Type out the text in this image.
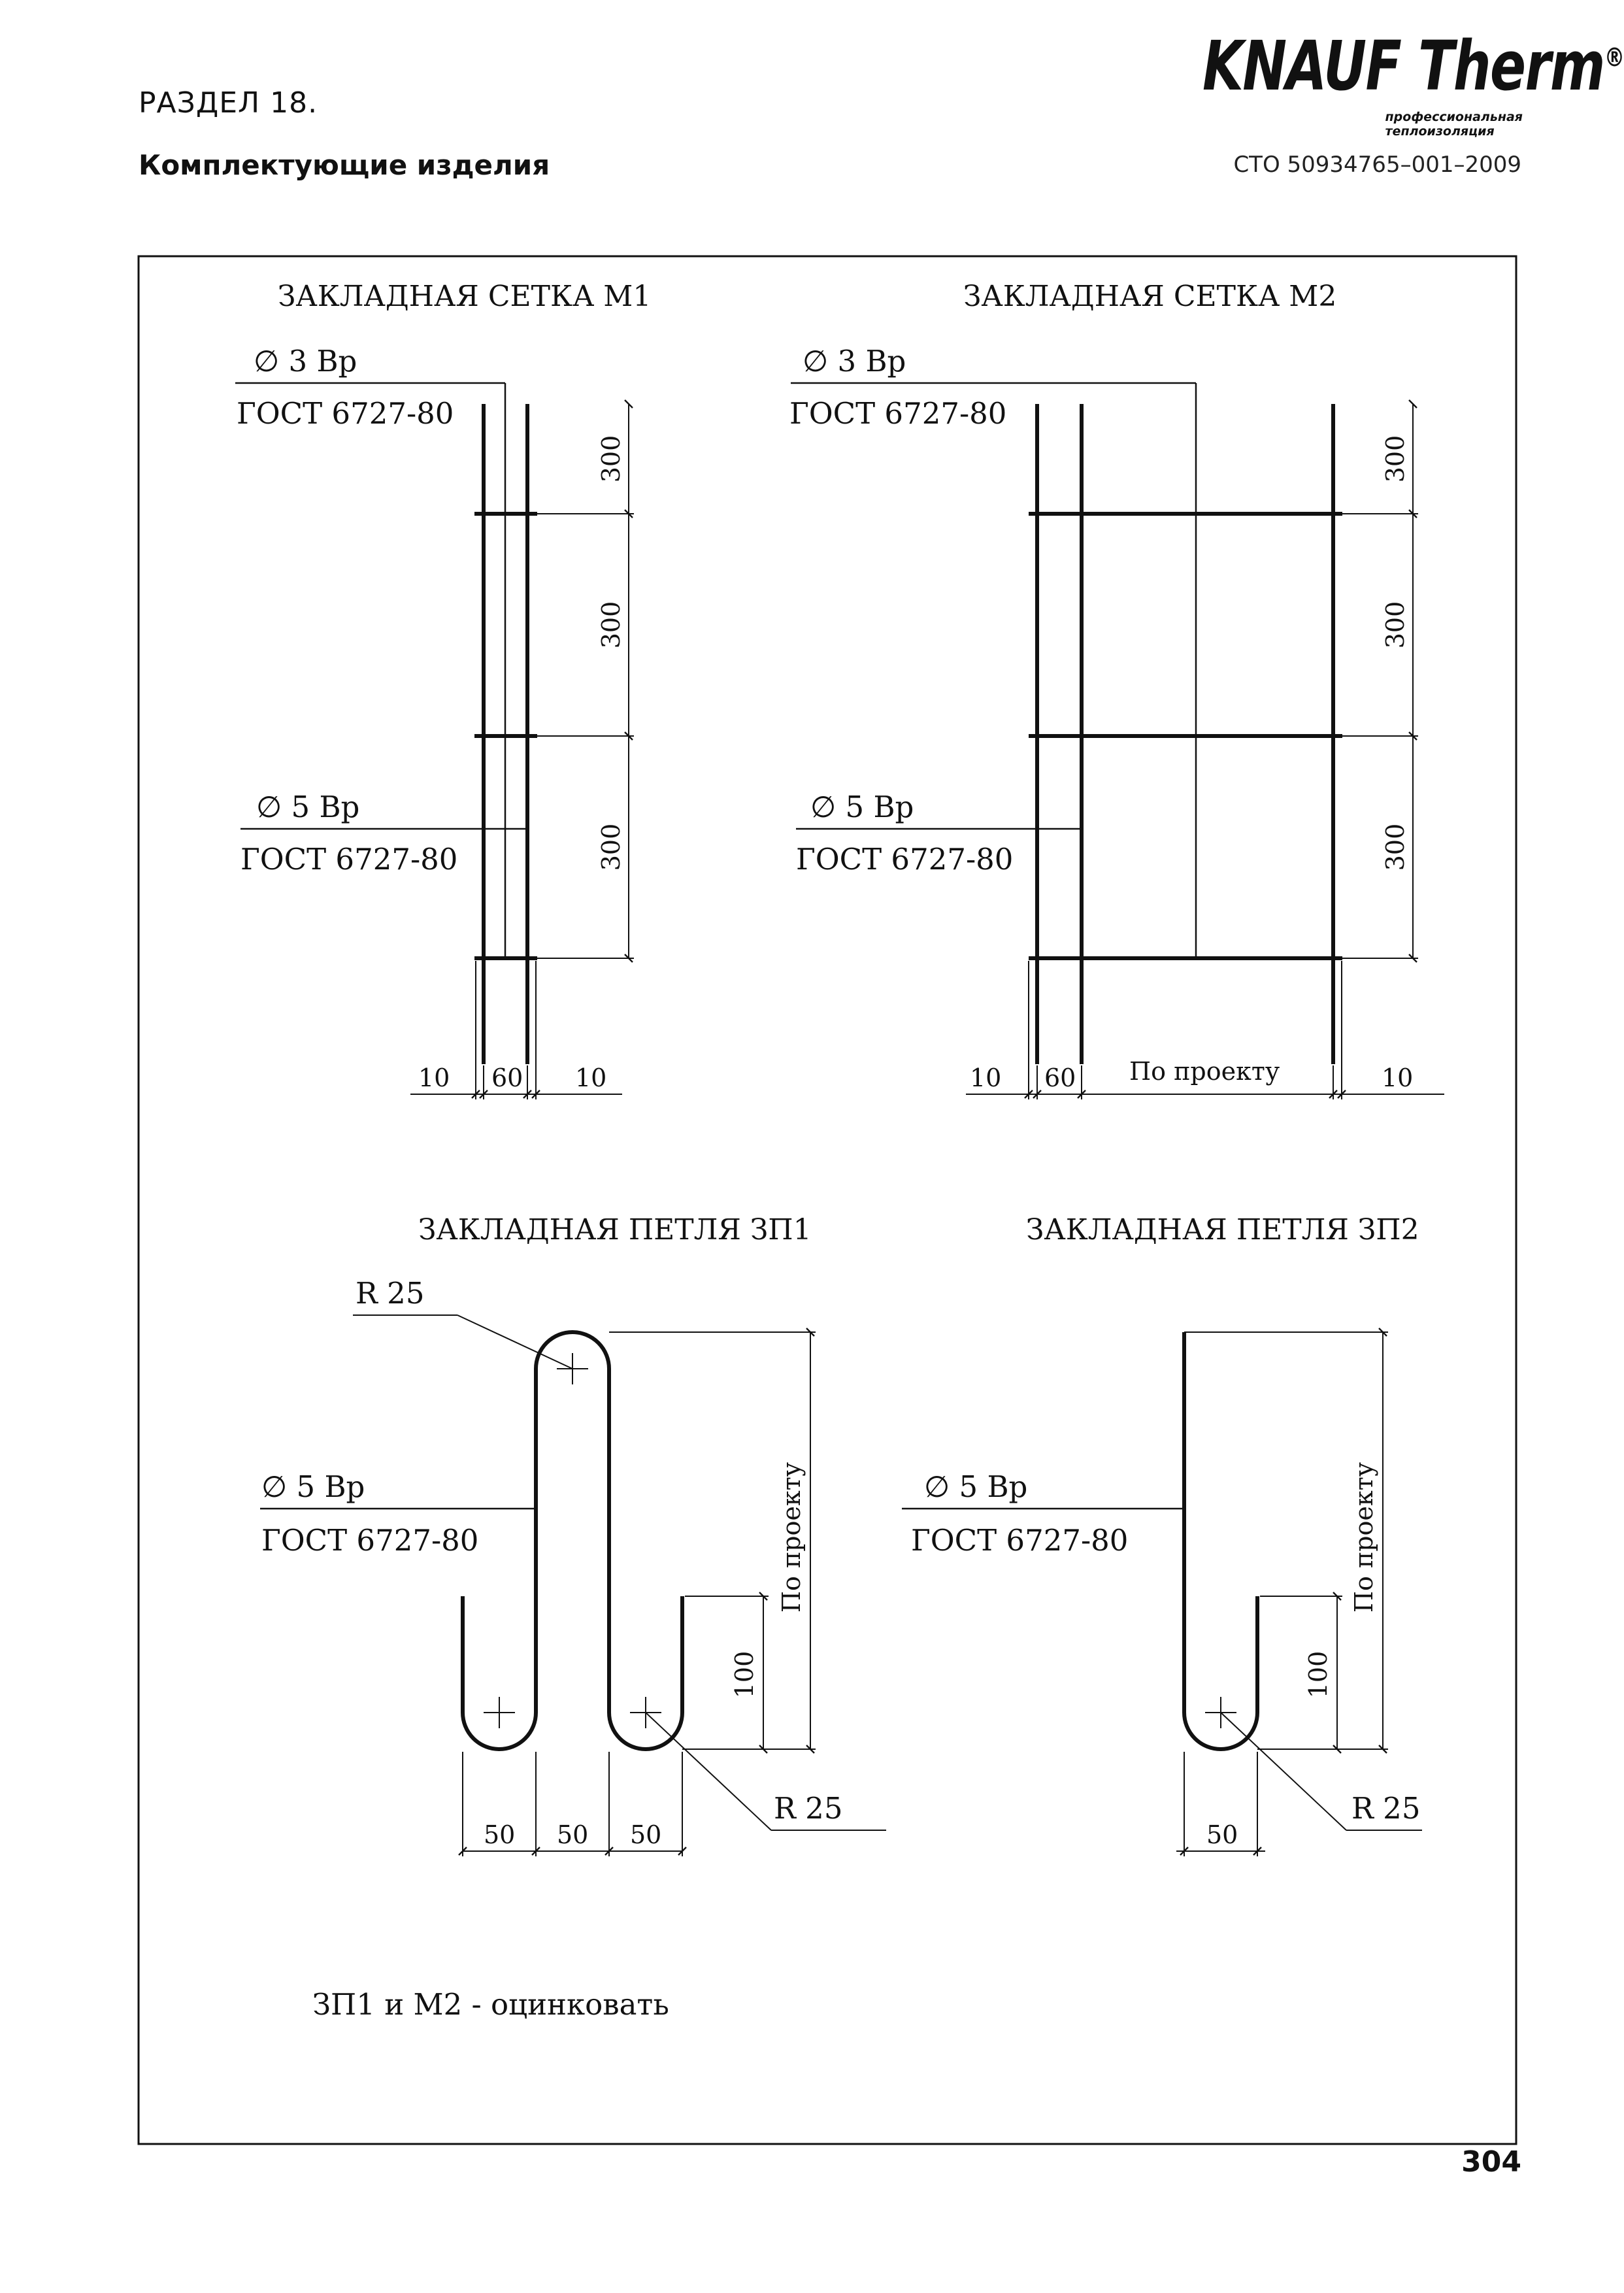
РАЗДЕЛ 18.
Комплектующие изделия
KNAUF Therm®
профессиональная
теплоизоляция
СТО 50934765–001–2009
ЗАКЛАДНАЯ СЕТКА М1
∅ 3 Вр
ГОСТ 6727-80
∅ 5 Вр
ГОСТ 6727-80
300
300
300
10 60 10
ЗАКЛАДНАЯ СЕТКА М2
∅ 3 Вр
ГОСТ 6727-80
∅ 5 Вр
ГОСТ 6727-80
300
300
300
10 60 По проекту	10
ЗАКЛАДНАЯ ПЕТЛЯ ЗП1
R 25
∅ 5 Вр
ГОСТ 6727-80	По проекту
100
R 25
50 50 50
ЗАКЛАДНАЯ ПЕТЛЯ ЗП2
∅ 5 Вр
ГОСТ 6727-80	По проекту
100
R 25
50
ЗП1 и М2 - оцинковать
304
